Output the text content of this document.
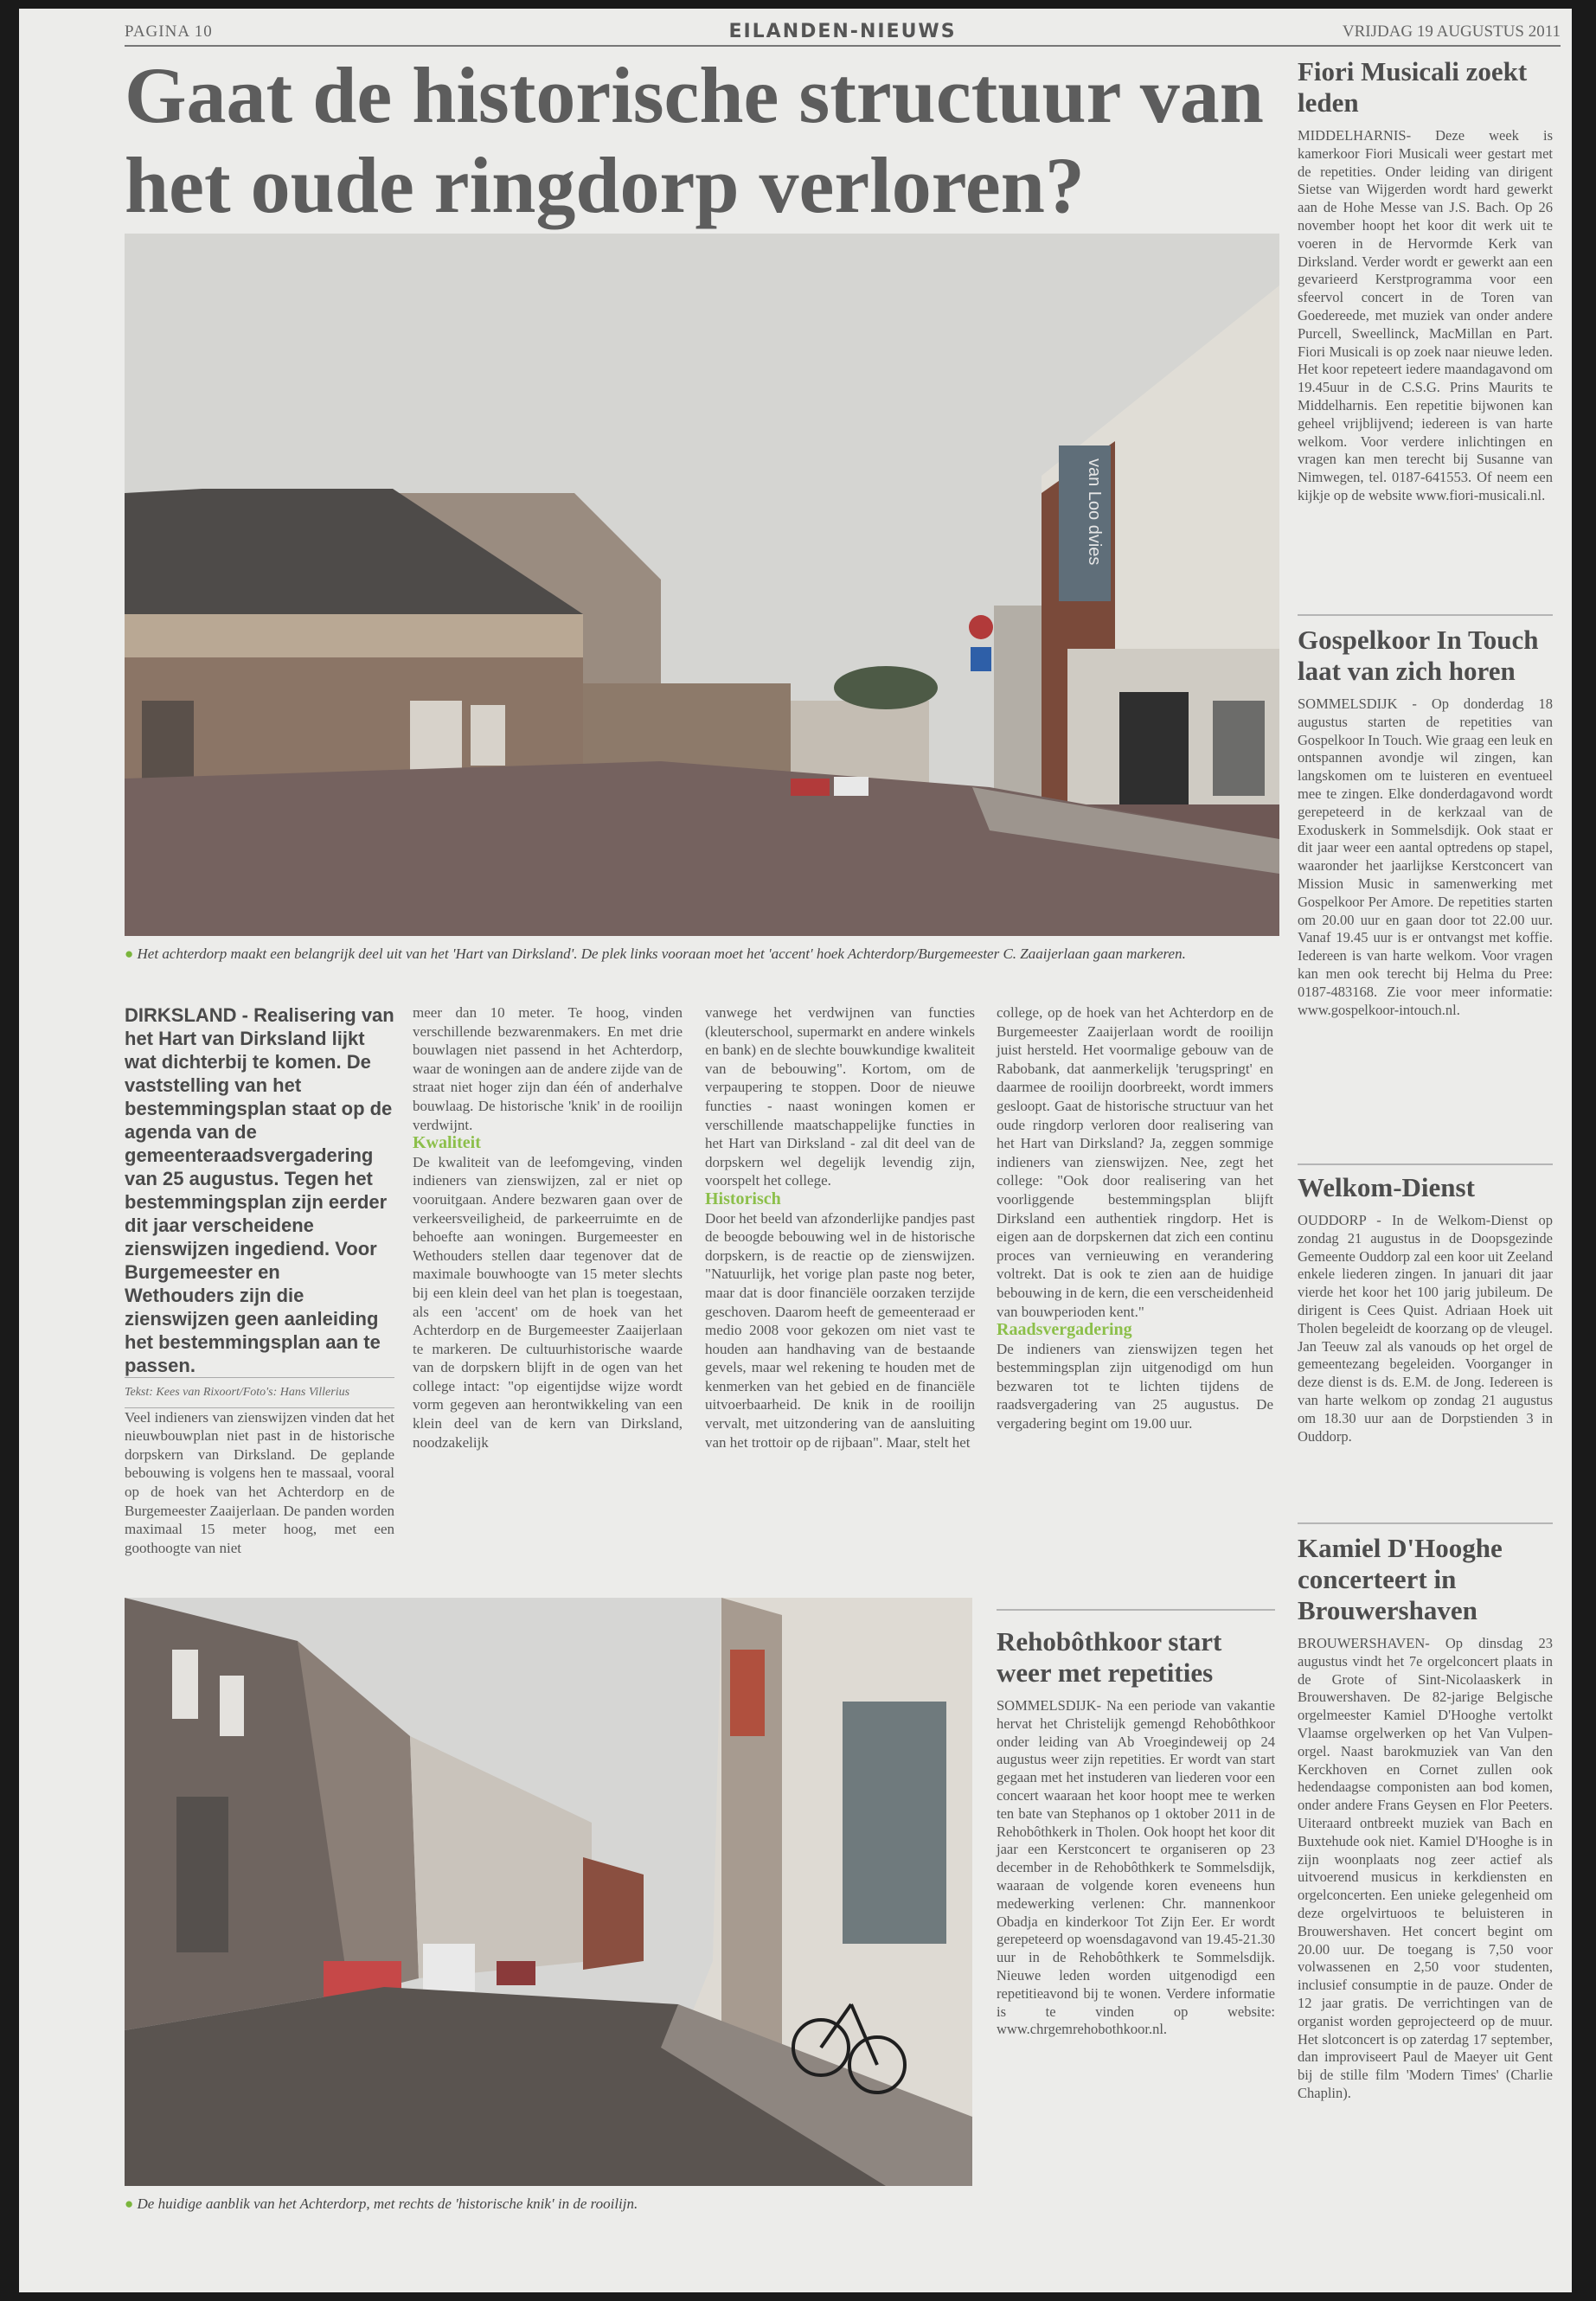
PAGINA 10	EILANDEN-NIEUWS	VRIJDAG 19 AUGUSTUS 2011
Gaat de historische structuur van het oude ringdorp verloren?
van Loo dvies
● Het achterdorp maakt een belangrijk deel uit van het 'Hart van Dirksland'. De plek links vooraan moet het 'accent' hoek Achterdorp/Burgemeester C. Zaaijerlaan gaan markeren.

DIRKSLAND - Realisering van het Hart van Dirksland lijkt wat dichterbij te komen. De vaststelling van het bestemmingsplan staat op de agenda van de gemeenteraadsvergadering van 25 augustus. Tegen het bestemmingsplan zijn eerder dit jaar verscheidene zienswijzen ingediend. Voor Burgemeester en Wethouders zijn die zienswijzen geen aanleiding het bestemmingsplan aan te passen.

Tekst: Kees van Rixoort/Foto's: Hans Villerius

Veel indieners van zienswijzen vinden dat het nieuwbouwplan niet past in de historische dorpskern van Dirksland. De geplande bebouwing is volgens hen te massaal, vooral op de hoek van het Achterdorp en de Burgemeester Zaaijerlaan. De panden worden maximaal 15 meter hoog, met een goothoogte van niet

meer dan 10 meter. Te hoog, vinden verschillende bezwarenmakers. En met drie bouwlagen niet passend in het Achterdorp, waar de woningen aan de andere zijde van de straat niet hoger zijn dan één of anderhalve bouwlaag. De historische 'knik' in de rooilijn verdwijnt.

Kwaliteit

De kwaliteit van de leefomgeving, vinden indieners van zienswijzen, zal er niet op vooruitgaan. Andere bezwaren gaan over de verkeersveiligheid, de parkeerruimte en de behoefte aan woningen. Burgemeester en Wethouders stellen daar tegenover dat de maximale bouwhoogte van 15 meter slechts bij een klein deel van het plan is toegestaan, als een 'accent' om de hoek van het Achterdorp en de Burgemeester Zaaijerlaan te markeren. De cultuurhistorische waarde van de dorpskern blijft in de ogen van het college intact: "op eigentijdse wijze wordt vorm gegeven aan herontwikkeling van een klein deel van de kern van Dirksland, noodzakelijk

vanwege het verdwijnen van functies (kleuterschool, supermarkt en andere winkels en bank) en de slechte bouwkundige kwaliteit van de bebouwing". Kortom, om de verpaupering te stoppen. Door de nieuwe functies - naast woningen komen er verschillende maatschappelijke functies in het Hart van Dirksland - zal dit deel van de dorpskern wel degelijk levendig zijn, voorspelt het college.

Historisch

Door het beeld van afzonderlijke pandjes past de beoogde bebouwing wel in de historische dorpskern, is de reactie op de zienswijzen. "Natuurlijk, het vorige plan paste nog beter, maar dat is door financiële oorzaken terzijde geschoven. Daarom heeft de gemeenteraad er medio 2008 voor gekozen om niet vast te houden aan handhaving van de bestaande gevels, maar wel rekening te houden met de kenmerken van het gebied en de financiële uitvoerbaarheid. De knik in de rooilijn vervalt, met uitzondering van de aansluiting van het trottoir op de rijbaan". Maar, stelt het

college, op de hoek van het Achterdorp en de Burgemeester Zaaijerlaan wordt de rooilijn juist hersteld. Het voormalige gebouw van de Rabobank, dat aanmerkelijk 'terugspringt' en daarmee de rooilijn doorbreekt, wordt immers gesloopt. Gaat de historische structuur van het oude ringdorp verloren door realisering van het Hart van Dirksland? Ja, zeggen sommige indieners van zienswijzen. Nee, zegt het college: "Ook door realisering van het voorliggende bestemmingsplan blijft Dirksland een authentiek ringdorp. Het is eigen aan de dorpskernen dat zich een continu proces van vernieuwing en verandering voltrekt. Dat is ook te zien aan de huidige bebouwing in de kern, die een verscheidenheid van bouwperioden kent."

Raadsvergadering

De indieners van zienswijzen tegen het bestemmingsplan zijn uitgenodigd om hun bezwaren tot te lichten tijdens de raadsvergadering van 25 augustus. De vergadering begint om 19.00 uur.

● De huidige aanblik van het Achterdorp, met rechts de 'historische knik' in de rooilijn.
Rehobôthkoor start weer met repetities
SOMMELSDIJK- Na een periode van vakantie hervat het Christelijk gemengd Rehobôthkoor onder leiding van Ab Vroegindeweij op 24 augustus weer zijn repetities. Er wordt van start gegaan met het instuderen van liederen voor een concert waaraan het koor hoopt mee te werken ten bate van Stephanos op 1 oktober 2011 in de Rehobôthkerk in Tholen. Ook hoopt het koor dit jaar een Kerstconcert te organiseren op 23 december in de Rehobôthkerk te Sommelsdijk, waaraan de volgende koren eveneens hun medewerking verlenen: Chr. mannenkoor Obadja en kinderkoor Tot Zijn Eer. Er wordt gerepeteerd op woensdagavond van 19.45-21.30 uur in de Rehobôthkerk te Sommelsdijk. Nieuwe leden worden uitgenodigd een repetitieavond bij te wonen. Verdere informatie is te vinden op website: www.chrgemrehobothkoor.nl.
Fiori Musicali zoekt leden
MIDDELHARNIS- Deze week is kamerkoor Fiori Musicali weer gestart met de repetities. Onder leiding van dirigent Sietse van Wijgerden wordt hard gewerkt aan de Hohe Messe van J.S. Bach. Op 26 november hoopt het koor dit werk uit te voeren in de Hervormde Kerk van Dirksland. Verder wordt er gewerkt aan een gevarieerd Kerstprogramma voor een sfeervol concert in de Toren van Goedereede, met muziek van onder andere Purcell, Sweellinck, MacMillan en Part. Fiori Musicali is op zoek naar nieuwe leden. Het koor repeteert iedere maandagavond om 19.45uur in de C.S.G. Prins Maurits te Middelharnis. Een repetitie bijwonen kan geheel vrijblijvend; iedereen is van harte welkom. Voor verdere inlichtingen en vragen kan men terecht bij Susanne van Nimwegen, tel. 0187-641553. Of neem een kijkje op de website www.fiori-musicali.nl.
Gospelkoor In Touch laat van zich horen
SOMMELSDIJK - Op donderdag 18 augustus starten de repetities van Gospelkoor In Touch. Wie graag een leuk en ontspannen avondje wil zingen, kan langskomen om te luisteren en eventueel mee te zingen. Elke donderdagavond wordt gerepeteerd in de kerkzaal van de Exoduskerk in Sommelsdijk. Ook staat er dit jaar weer een aantal optredens op stapel, waaronder het jaarlijkse Kerstconcert van Mission Music in samenwerking met Gospelkoor Per Amore. De repetities starten om 20.00 uur en gaan door tot 22.00 uur. Vanaf 19.45 uur is er ontvangst met koffie. Iedereen is van harte welkom. Voor vragen kan men ook terecht bij Helma du Pree: 0187-483168. Zie voor meer informatie: www.gospelkoor-intouch.nl.
Welkom-Dienst
OUDDORP - In de Welkom-Dienst op zondag 21 augustus in de Doopsgezinde Gemeente Ouddorp zal een koor uit Zeeland enkele liederen zingen. In januari dit jaar vierde het koor het 100 jarig jubileum. De dirigent is Cees Quist. Adriaan Hoek uit Tholen begeleidt de koorzang op de vleugel. Jan Teeuw zal als vanouds op het orgel de gemeentezang begeleiden. Voorganger in deze dienst is ds. E.M. de Jong. Iedereen is van harte welkom op zondag 21 augustus om 18.30 uur aan de Dorpstienden 3 in Ouddorp.
Kamiel D'Hooghe concerteert in Brouwershaven
BROUWERSHAVEN- Op dinsdag 23 augustus vindt het 7e orgelconcert plaats in de Grote of Sint-Nicolaaskerk in Brouwershaven. De 82-jarige Belgische orgelmeester Kamiel D'Hooghe vertolkt Vlaamse orgelwerken op het Van Vulpen-orgel. Naast barokmuziek van Van den Kerckhoven en Cornet zullen ook hedendaagse componisten aan bod komen, onder andere Frans Geysen en Flor Peeters. Uiteraard ontbreekt muziek van Bach en Buxtehude ook niet. Kamiel D'Hooghe is in zijn woonplaats nog zeer actief als uitvoerend musicus in kerkdiensten en orgelconcerten. Een unieke gelegenheid om deze orgelvirtuoos te beluisteren in Brouwershaven. Het concert begint om 20.00 uur. De toegang is 7,50 voor volwassenen en 2,50 voor studenten, inclusief consumptie in de pauze. Onder de 12 jaar gratis. De verrichtingen van de organist worden geprojecteerd op de muur. Het slotconcert is op zaterdag 17 september, dan improviseert Paul de Maeyer uit Gent bij de stille film 'Modern Times' (Charlie Chaplin).
